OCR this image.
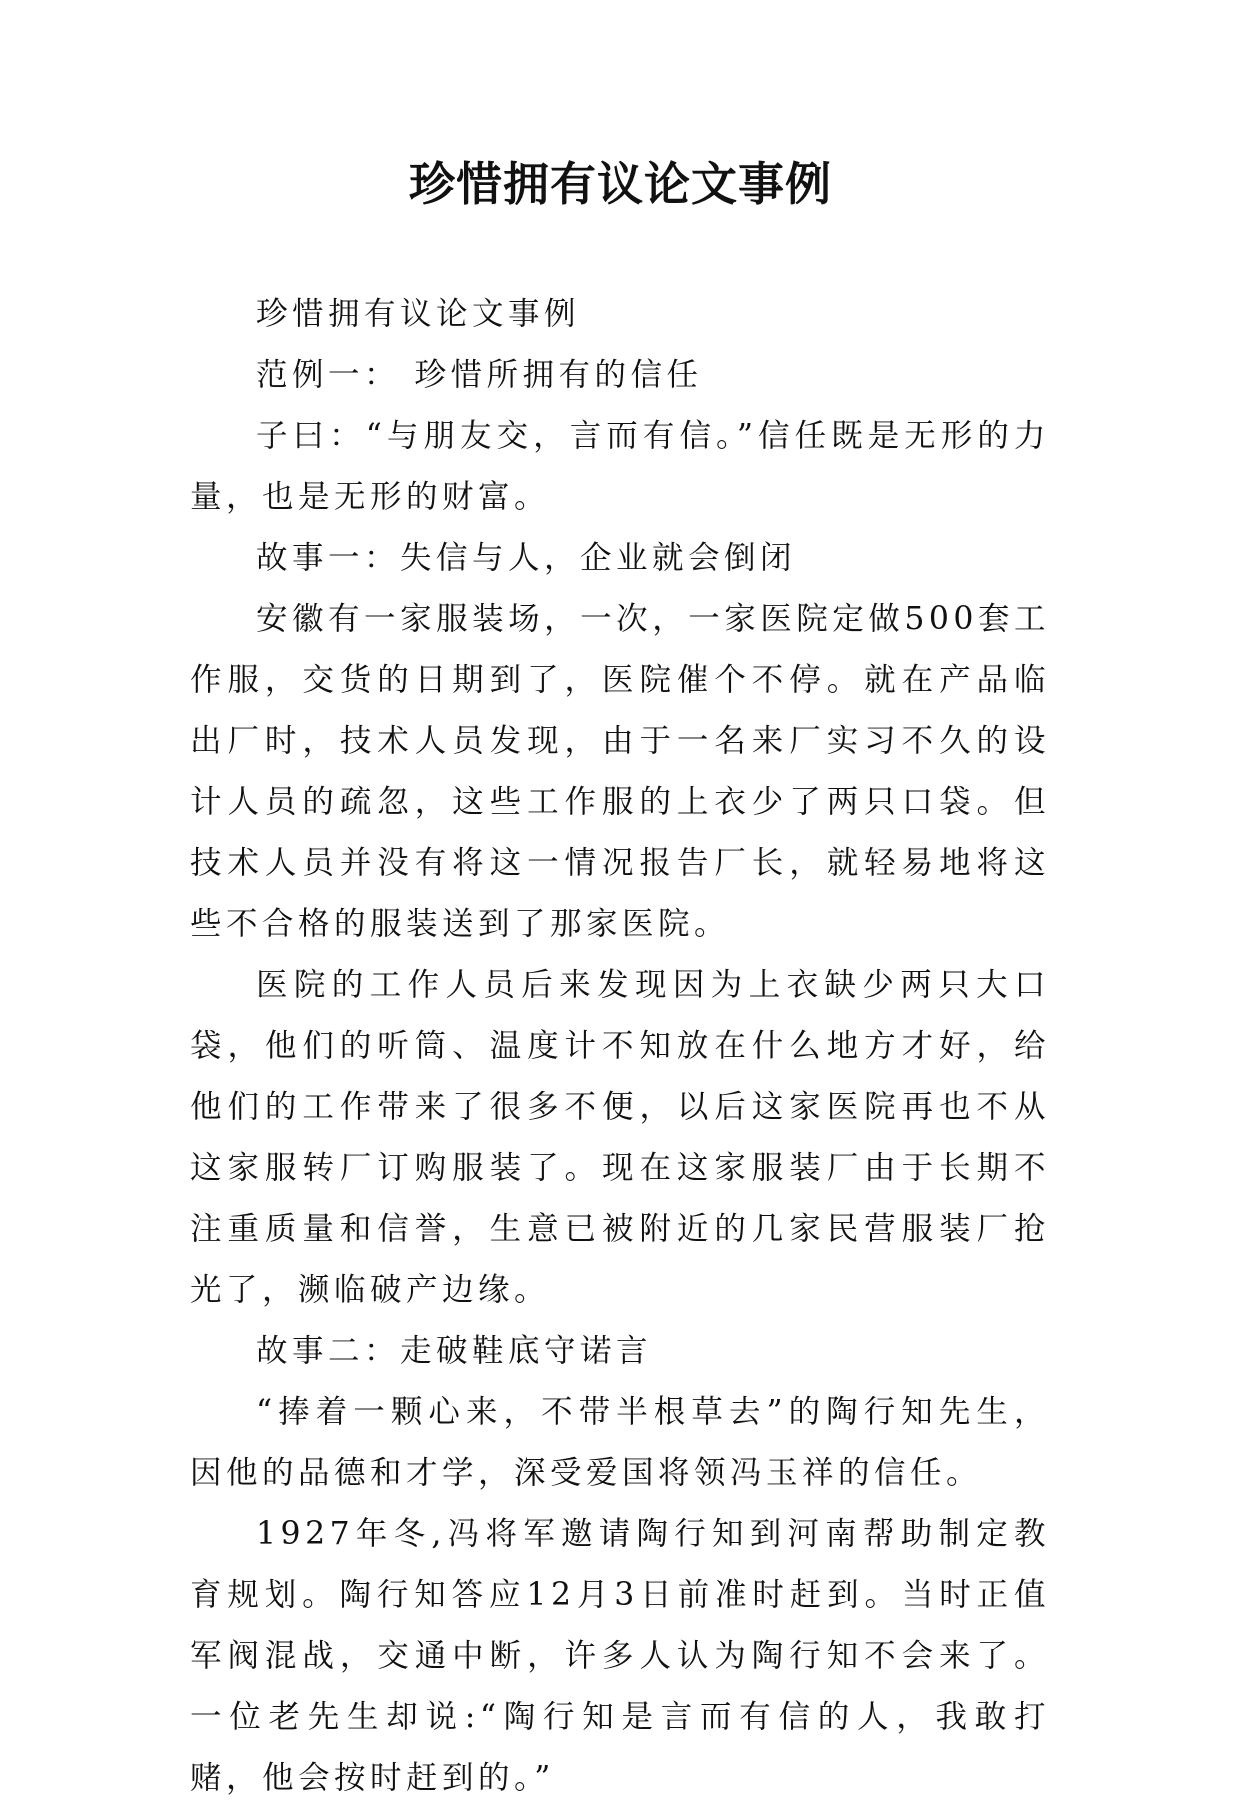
珍惜拥有议论文事例

珍惜拥有议论文事例

范例一： 珍惜所拥有的信任

子曰：“与朋友交，言而有信。”信任既是无形的力量，也是无形的财富。

故事一：失信与人，企业就会倒闭

安徽有一家服装场，一次，一家医院定做500套工作服，交货的日期到了，医院催个不停。就在产品临出厂时，技术人员发现，由于一名来厂实习不久的设计人员的疏忽，这些工作服的上衣少了两只口袋。但技术人员并没有将这一情况报告厂长，就轻易地将这些不合格的服装送到了那家医院。

医院的工作人员后来发现因为上衣缺少两只大口袋，他们的听筒、温度计不知放在什么地方才好，给他们的工作带来了很多不便，以后这家医院再也不从这家服转厂订购服装了。现在这家服装厂由于长期不注重质量和信誉，生意已被附近的几家民营服装厂抢光了，濒临破产边缘。

故事二：走破鞋底守诺言

“捧着一颗心来，不带半根草去”的陶行知先生，因他的品德和才学，深受爱国将领冯玉祥的信任。

1927年冬,冯将军邀请陶行知到河南帮助制定教育规划。陶行知答应12月3日前准时赶到。当时正值军阀混战，交通中断，许多人认为陶行知不会来了。一位老先生却说:“陶行知是言而有信的人，我敢打赌，他会按时赶到的。”
